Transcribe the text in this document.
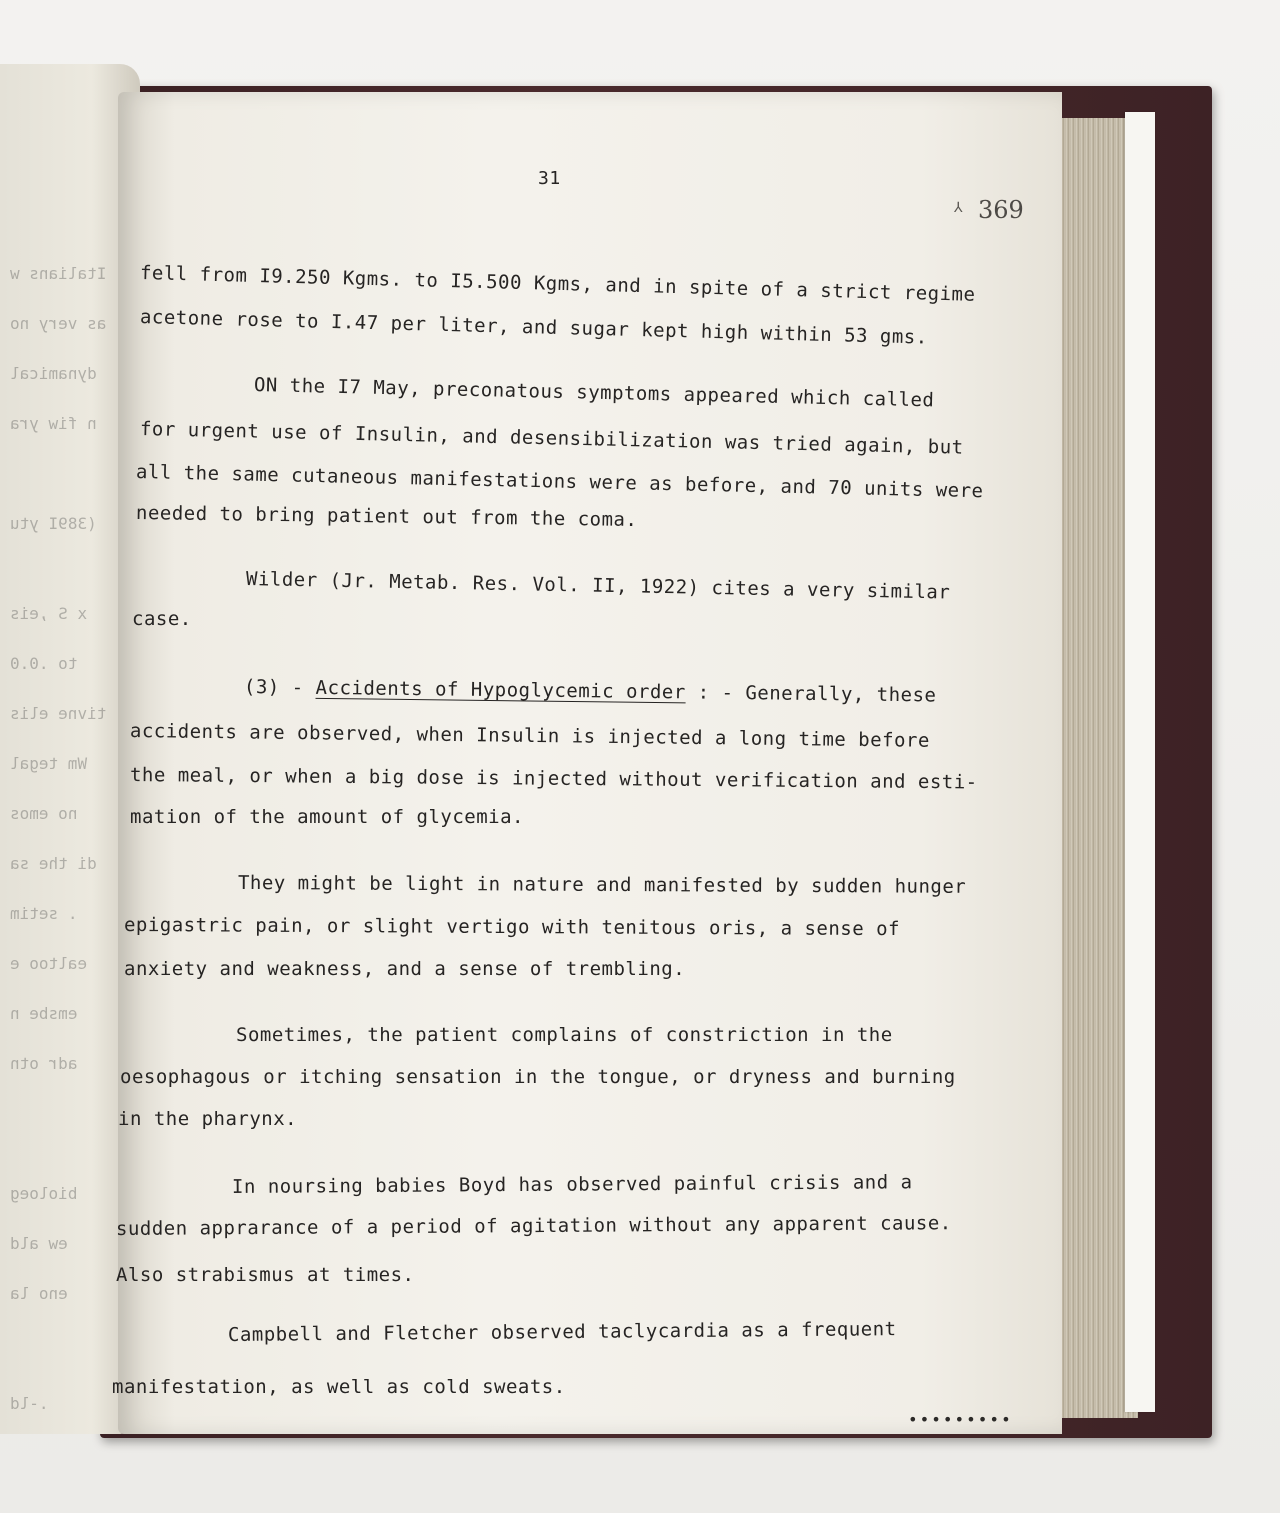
Italians w
as very no
dynamical
n fiw yra
(389I ytu
x S ,eis
to .0.0
tivne elis
Wm tegal
no emos
di the sa
. setim
ealtoo e
emsbe n
adr otn
bioloeg
ew ald
eno la
.-ld
31
⅄ 369
fell from I9.250 Kgms. to I5.500 Kgms, and in spite of a strict regime
acetone rose to I.47 per liter, and sugar kept high within 53 gms.
ON the I7 May, preconatous symptoms appeared which called
for urgent use of Insulin, and desensibilization was tried again, but
all the same cutaneous manifestations were as before, and 70 units were
needed to bring patient out from the coma.
Wilder (Jr. Metab. Res. Vol. II, 1922) cites a very similar
case.
(3) - Accidents of Hypoglycemic order : - Generally, these
accidents are observed, when Insulin is injected a long time before
the meal, or when a big dose is injected without verification and esti-
mation of the amount of glycemia.
They might be light in nature and manifested by sudden hunger
epigastric pain, or slight vertigo with tenitous oris, a sense of
anxiety and weakness, and a sense of trembling.
Sometimes, the patient complains of constriction in the
oesophagous or itching sensation in the tongue, or dryness and burning
in the pharynx.
In noursing babies Boyd has observed painful crisis and a
sudden apprarance of a period of agitation without any apparent cause.
Also strabismus at times.
Campbell and Fletcher observed taclycardia as a frequent
manifestation, as well as cold sweats.
•••••••••
